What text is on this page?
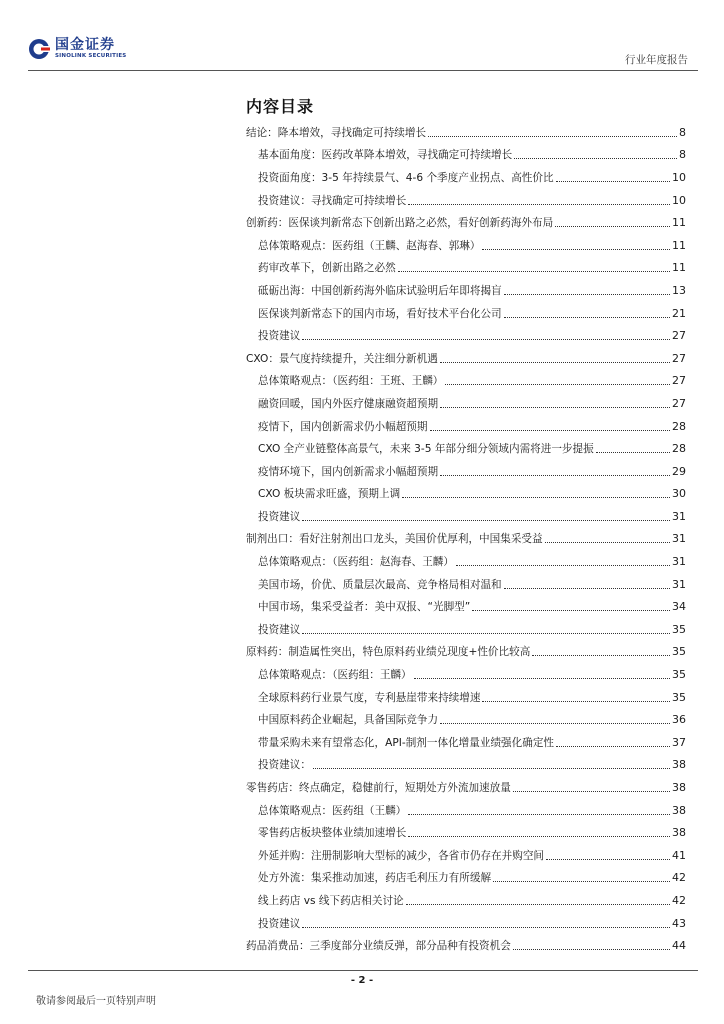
国金证券
SINOLINK SECURITIES	行业年度报告
内容目录
结论：降本增效，寻找确定可持续增长	8
基本面角度：医药改革降本增效，寻找确定可持续增长	8
投资面角度：3-5 年持续景气、4-6 个季度产业拐点、高性价比	10
投资建议：寻找确定可持续增长	10
创新药：医保谈判新常态下创新出路之必然，看好创新药海外布局	11
总体策略观点：医药组（王麟、赵海春、郭琳）	11
药审改革下，创新出路之必然	11
砥砺出海：中国创新药海外临床试验明后年即将揭盲	13
医保谈判新常态下的国内市场，看好技术平台化公司	21
投资建议	27
CXO：景气度持续提升，关注细分新机遇	27
总体策略观点：（医药组：王班、王麟）	27
融资回暖，国内外医疗健康融资超预期	27
疫情下，国内创新需求仍小幅超预期	28
CXO 全产业链整体高景气，未来 3-5 年部分细分领域内需将进一步提振	28
疫情环境下，国内创新需求小幅超预期	29
CXO 板块需求旺盛，预期上调	30
投资建议	31
制剂出口：看好注射剂出口龙头，美国价优厚利，中国集采受益	31
总体策略观点：（医药组：赵海春、王麟）	31
美国市场，价优、质量层次最高、竞争格局相对温和	31
中国市场，集采受益者：美中双报、“光脚型”	34
投资建议	35
原料药：制造属性突出，特色原料药业绩兑现度+性价比较高	35
总体策略观点：（医药组：王麟）	35
全球原料药行业景气度，专利悬崖带来持续增速	35
中国原料药企业崛起，具备国际竞争力	36
带量采购未来有望常态化，API-制剂一体化增量业绩强化确定性	37
投资建议：	38
零售药店：终点确定，稳健前行，短期处方外流加速放量	38
总体策略观点：医药组（王麟）	38
零售药店板块整体业绩加速增长	38
外延并购：注册制影响大型标的减少，各省市仍存在并购空间	41
处方外流：集采推动加速，药店毛利压力有所缓解	42
线上药店 vs 线下药店相关讨论	42
投资建议	43
药品消费品：三季度部分业绩反弹，部分品种有投资机会	44
- 2 -
敬请参阅最后一页特别声明
